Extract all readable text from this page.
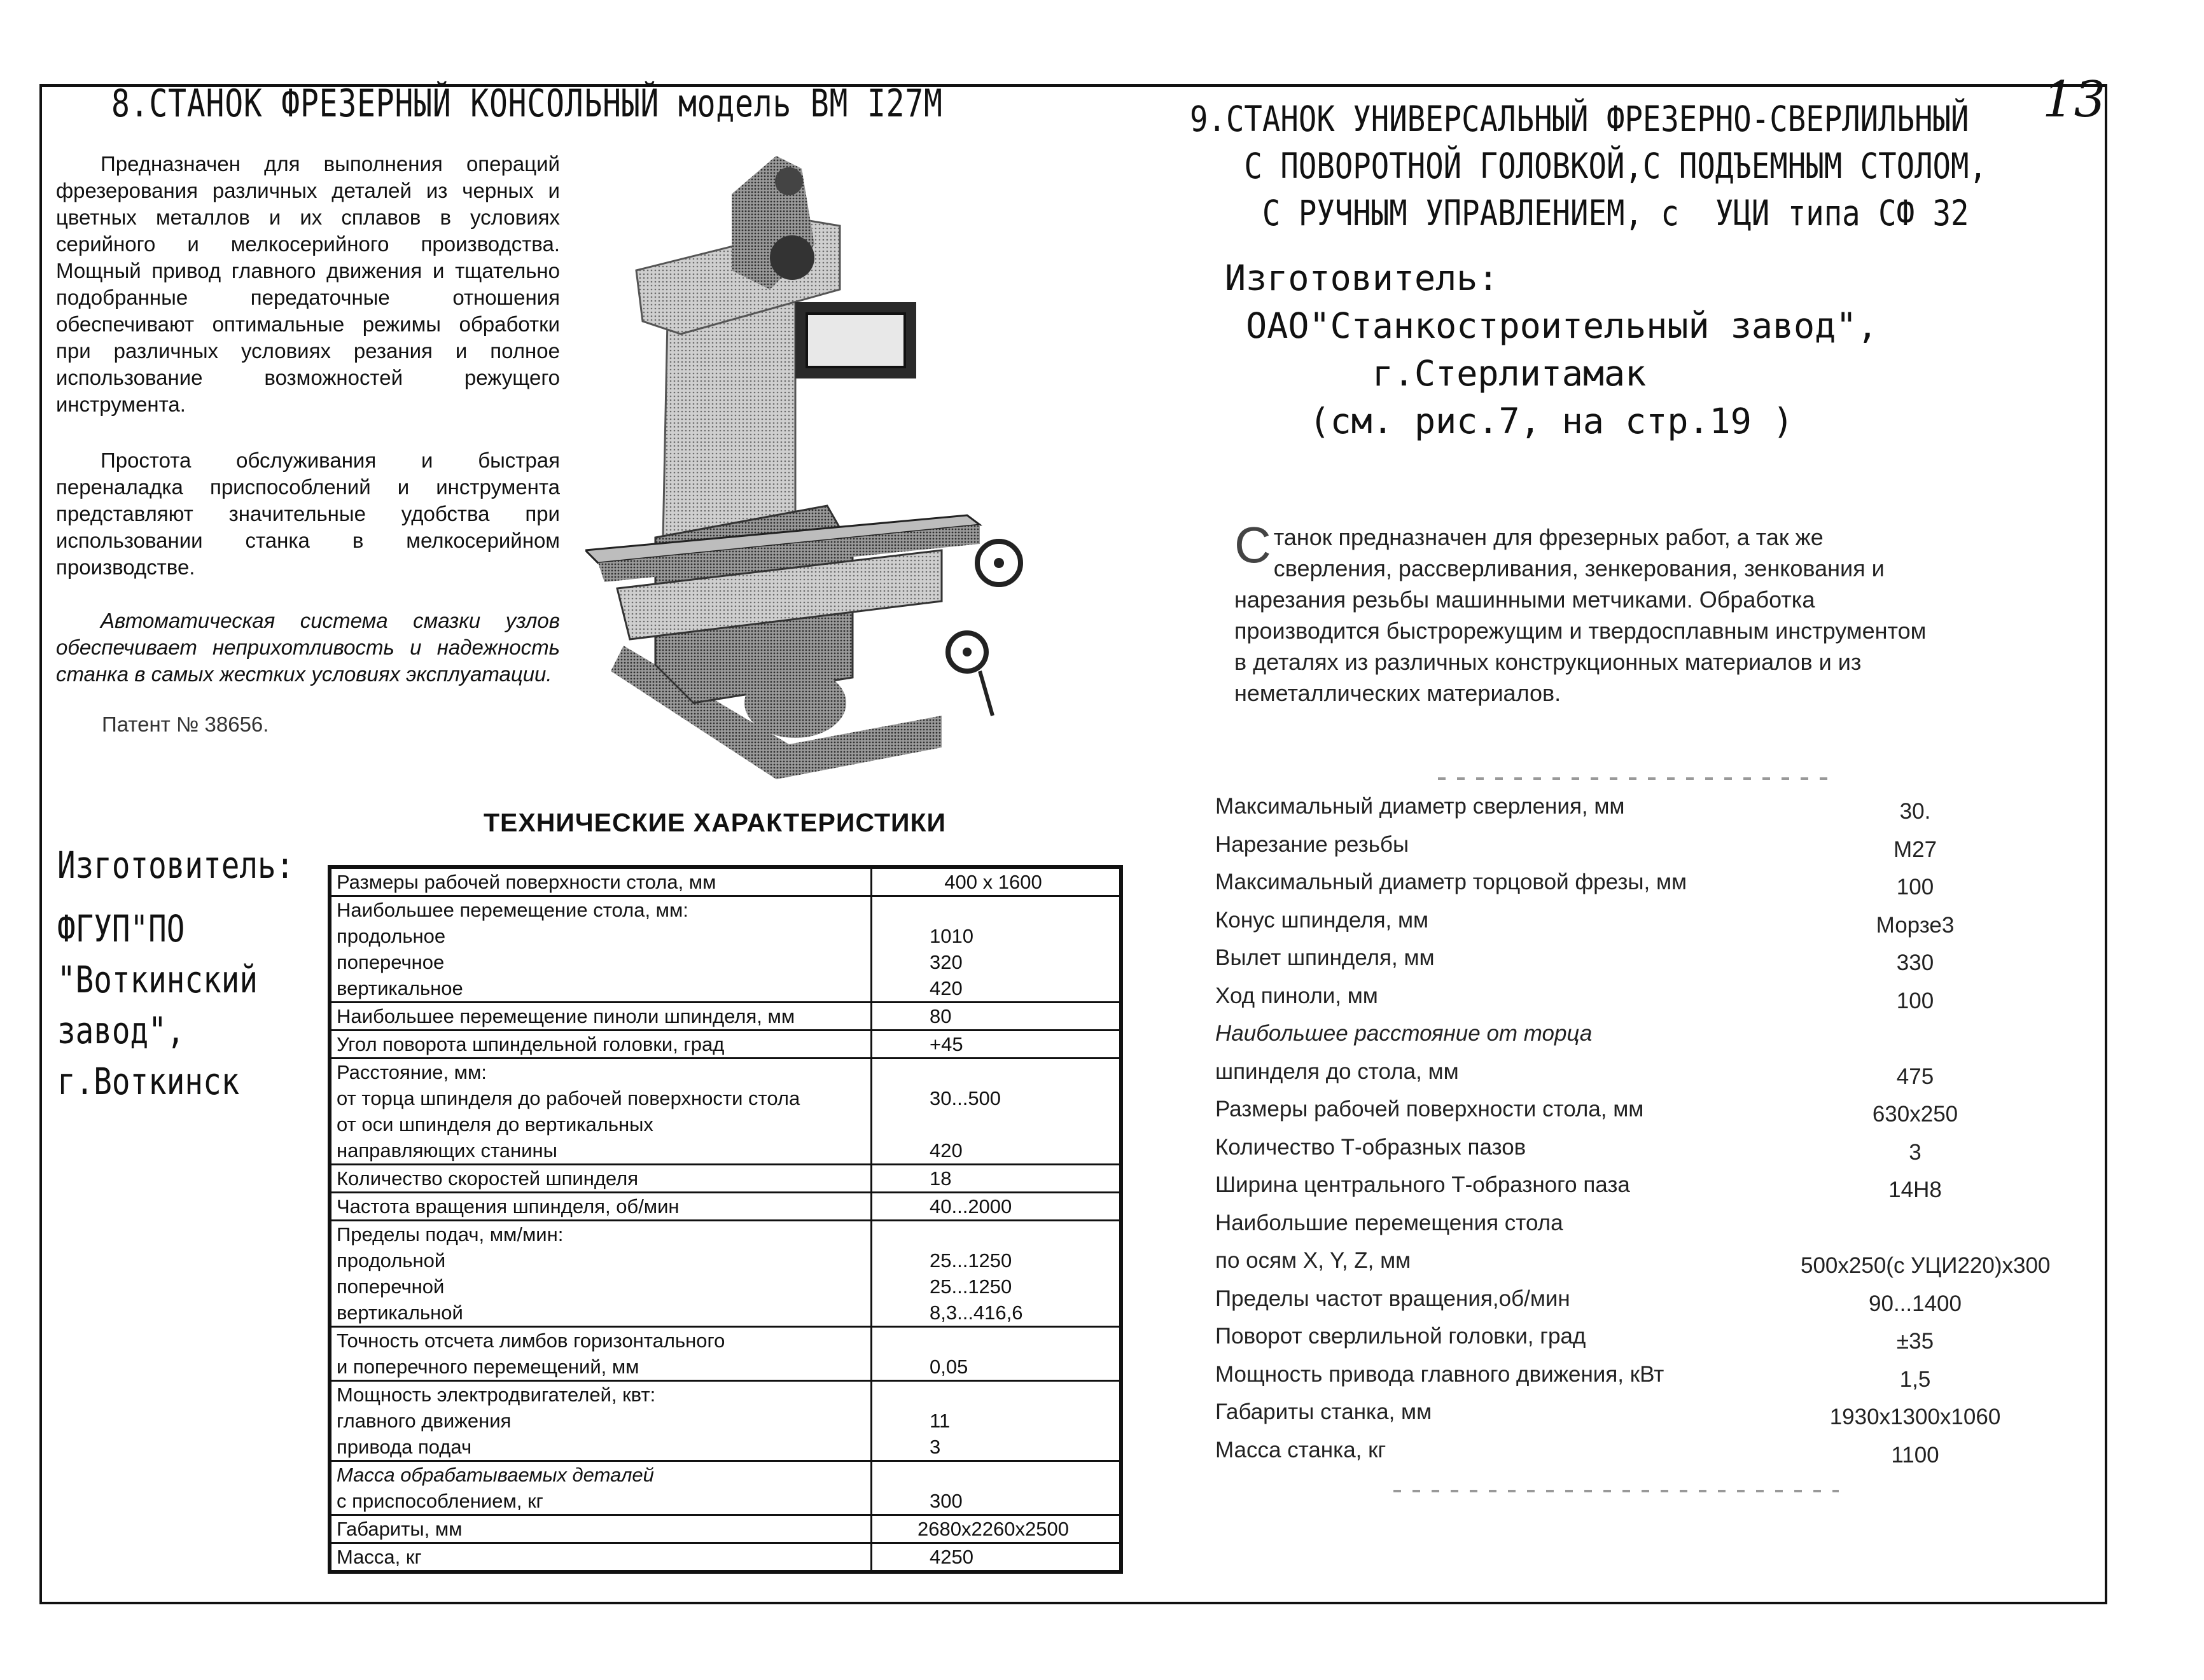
13
8.СТАНОК ФРЕЗЕРНЫЙ КОНСОЛЬНЫЙ модель ВМ I27М
Предназначен для выполнения операций фрезерования различных деталей из черных и цветных металлов и их сплавов в условиях серийного и мелкосерийного производства. Мощный привод главного движения и тщательно подобранные передаточные отношения обеспечивают оптимальные режимы обработки при различных условиях резания и полное использование возможностей режущего инструмента.
Простота обслуживания и быстрая переналадка приспособлений и инструмента представляют значительные удобства при использовании станка в мелкосерийном производстве.
Автоматическая система смазки узлов обеспечивает неприхотливость и надежность станка в самых жестких условиях эксплуатации.
Патент № 38656.
ТЕХНИЧЕСКИЕ ХАРАКТЕРИСТИКИ
Изготовитель:
ФГУП"ПО
"Воткинский
завод",
г.Воткинск
Размеры рабочей поверхности стола, мм	400 х 1600
Наибольшее перемещение стола, мм:	
продольное	1010
поперечное	320
вертикальное	420
Наибольшее перемещение пиноли шпинделя, мм	80
Угол поворота шпиндельной головки, град	+45
Расстояние, мм:	
от торца шпинделя до рабочей поверхности стола	30...500
от оси шпинделя до вертикальных	
направляющих станины	420
Количество скоростей шпинделя	18
Частота вращения шпинделя, об/мин	40...2000
Пределы подач, мм/мин:	
продольной	25...1250
поперечной	25...1250
вертикальной	8,3...416,6
Точность отсчета лимбов горизонтального	
и поперечного перемещений, мм	0,05
Мощность электродвигателей, квт:	
главного движения	11
привода подач	3
Масса обрабатываемых деталей	
с приспособлением, кг	300
Габариты, мм	2680х2260х2500
Масса, кг	4250
9.СТАНОК УНИВЕРСАЛЬНЫЙ ФРЕЗЕРНО-СВЕРЛИЛЬНЫЙ
С ПОВОРОТНОЙ ГОЛОВКОЙ,С ПОДЪЕМНЫМ СТОЛОМ,
С РУЧНЫМ УПРАВЛЕНИЕМ, с  УЦИ типа СФ 32
Изготовитель:
ОАО"Станкостроительный завод",
г.Стерлитамак
(см. рис.7, на стр.19 )
Станок предназначен для фрезерных работ, а так же сверления, рассверливания, зенкерования, зенкования и нарезания резьбы машинными метчиками. Обработка производится быстрорежущим и твердосплавным инструментом в деталях из различных конструкционных материалов и из неметаллических материалов.
Максимальный диаметр сверления, мм	30.
Нарезание резьбы	М27
Максимальный диаметр торцовой фрезы, мм	100
Конус шпинделя, мм	Морзе3
Вылет шпинделя, мм	330
Ход пиноли, мм	100
Наибольшее расстояние от торца
шпинделя до стола, мм	475
Размеры рабочей поверхности стола, мм	630х250
Количество Т-образных пазов	3
Ширина центрального Т-образного паза	14Н8
Наибольшие перемещения стола
по осям X, Y, Z, мм	500х250(с УЦИ220)х300
Пределы частот вращения,об/мин	90...1400
Поворот сверлильной головки, град	±35
Мощность привода главного движения, кВт	1,5
Габариты станка, мм	1930х1300х1060
Масса станка, кг	1100
